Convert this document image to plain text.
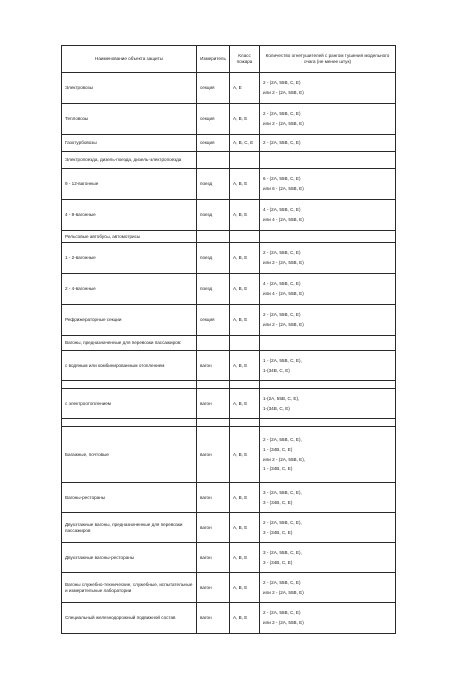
Наименование объекта защиты	Измеритель	Класс пожара	Количество огнетушителей с рангом тушения модельного очага (не менее штук)
Электровозы	секция	А, Е	2 - (2А, 55В, С, Е)
или 2 - (2А, 55В, Е)

Тепловозы	секция	А, В, Е	2 - (2А, 55В, С, Е)
или 2 - (2А, 55В, Е)

Газотурбовозы	секция	А, В, С, Е	2 - (2А, 55В, С, Е)

Электропоезда, дизель-поезда, дизель-электропоезда			
9 - 12-вагонные	поезд	А, В, Е	6 - (2А, 55В, С, Е)
или 6 - (2А, 55В, Е)

4 - 8-вагонные	поезд	А, В, Е	4 - (2А, 55В, С, Е)
или 4 - (2А, 55В, Е)

Рельсовые автобусы, автомотрисы			
1 - 2-вагонные	поезд	А, В, Е	2 - (2А, 55В, С, Е)
или 2 - (2А, 55В, Е)

2 - 4-вагонные	поезд	А, В, Е	4 - (2А, 55В, С, Е)
или 4 - (2А, 55В, Е)

Рефрижераторные секции	секция	А, В, Е	2 - (2А, 55В, С, Е)
или 2 - (2А, 55В, Е)

Вагоны, предназначенные для перевозки пассажиров:			
с водяным или комбинированным отоплением	вагон	А, В, Е	1 - (2А, 55В, С, Е),
1-(34В, С, Е)

с электроотоплением	вагон	А, В, Е	1-(2А, 55В, С, Е),
1-(34В, С, Е)

Багажные, почтовые	вагон	А, В, Е	2 - (2А, 55В, С, Е),
1 - (34В, С, Е)
или 2 - (2А, 55В, Е),
1 - (34В, С, Е)

Вагоны-рестораны	вагон	А, В, Е	3 - (2А, 55В, С, Е),
3 - (34В, С, Е)

Двухэтажные вагоны, предназначенные для перевозки пассажиров	вагон	А, В, Е	2 - (2А, 55В, С, Е),
3 - (34В, С, Е)

Двухэтажные вагоны-рестораны	вагон	А, В, Е	3 - (2А, 55В, С, Е),
3 - (34В, С, Е)

Вагоны служебно-технические, служебные, испытательные и измерительные лаборатории	вагон	А, В, Е	2 - (2А, 55В, С, Е)
или 2 - (2А, 55В, Е)

Специальный железнодорожный подвижной состав	вагон	А, В, Е	2 - (2А, 55В, С, Е)
или 2 - (2А, 55В, Е)
